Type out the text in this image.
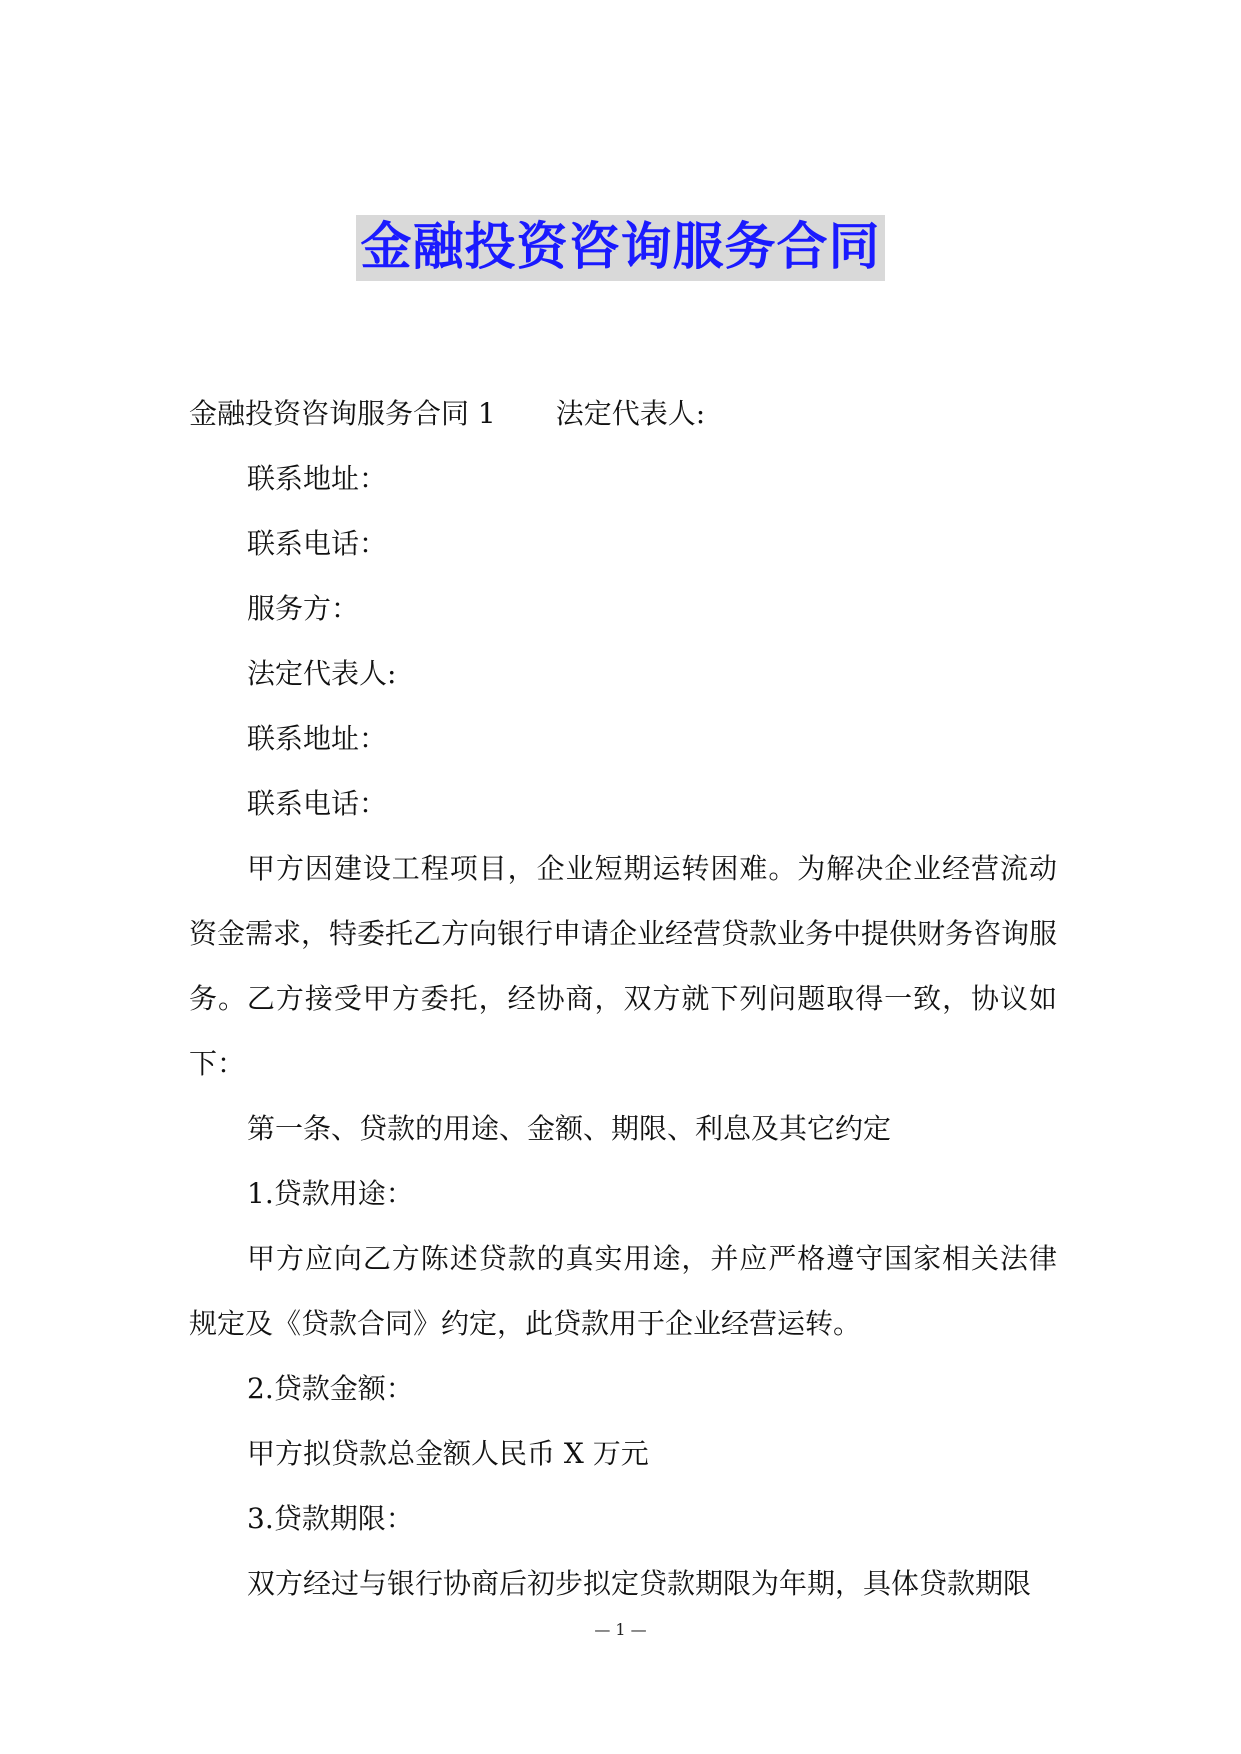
金融投资咨询服务合同

金融投资咨询服务合同 1 法定代表人:

联系地址：

联系电话：

服务方：

法定代表人:

联系地址：

联系电话：

甲方因建设工程项目，企业短期运转困难。为解决企业经营流动资金需求，特委托乙方向银行申请企业经营贷款业务中提供财务咨询服务。乙方接受甲方委托，经协商，双方就下列问题取得一致，协议如下：

第一条、贷款的用途、金额、期限、利息及其它约定

1.贷款用途：

甲方应向乙方陈述贷款的真实用途，并应严格遵守国家相关法律规定及《贷款合同》约定，此贷款用于企业经营运转。

2.贷款金额：

甲方拟贷款总金额人民币 X 万元

3.贷款期限：

双方经过与银行协商后初步拟定贷款期限为年期，具体贷款期限

— 1 —
